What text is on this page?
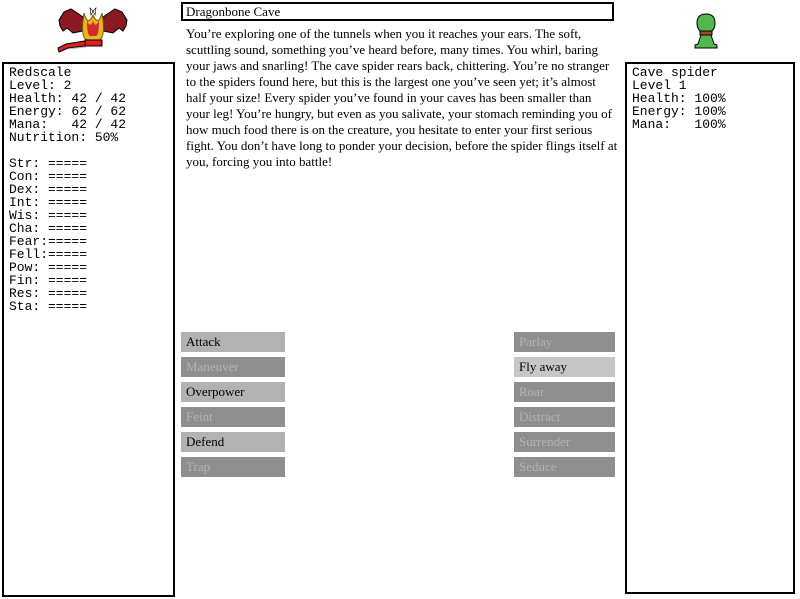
Dragonbone Cave
You’re exploring one of the tunnels when you it reaches your ears. The soft, scuttling sound, something you’ve heard before, many times. You whirl, baring your jaws and snarling! The cave spider rears back, chittering. You’re no stranger to the spiders found here, but this is the largest one you’ve seen yet; it’s almost half your size! Every spider you’ve found in your caves has been smaller than your leg! You’re hungry, but even as you salivate, your stomach reminding you of how much food there is on the creature, you hesitate to enter your first serious fight. You don’t have long to ponder your decision, before the spider flings itself at you, forcing you into battle!
Redscale
Level: 2
Health: 42 / 42
Energy: 62 / 62
Mana:   42 / 42
Nutrition: 50%
Str: =====
Con: =====
Dex: =====
Int: =====
Wis: =====
Cha: =====
Fear:=====
Fell:=====
Pow: =====
Fin: =====
Res: =====
Sta: =====
Cave spider
Level 1
Health: 100%
Energy: 100%
Mana:   100%
Attack
Maneuver
Overpower
Feint
Defend
Trap
Parlay
Fly away
Roar
Distract
Surrender
Seduce
